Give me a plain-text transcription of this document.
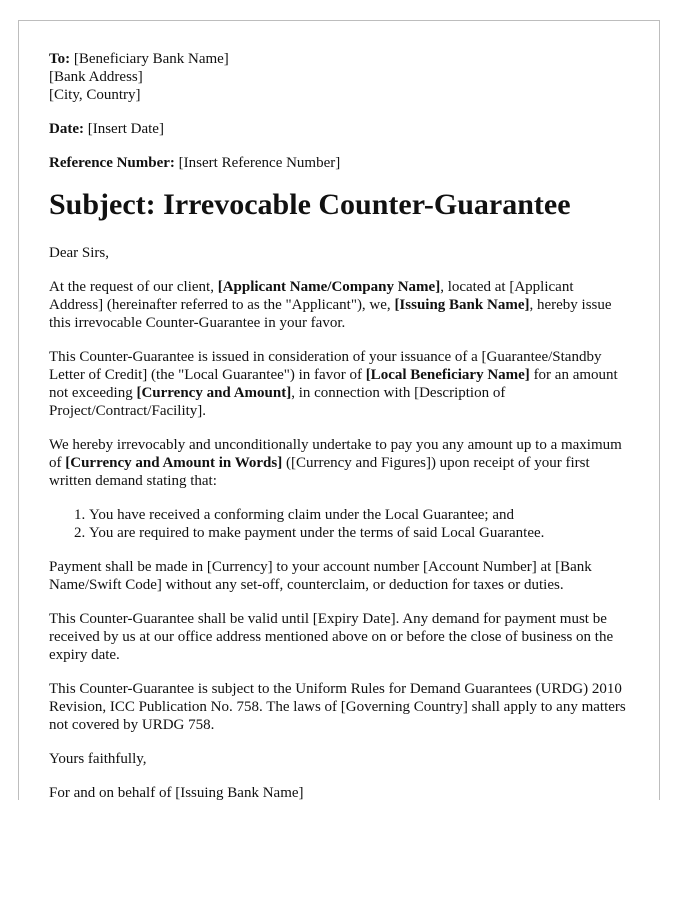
To: [Beneficiary Bank Name]
[Bank Address]
[City, Country]

Date: [Insert Date]

Reference Number: [Insert Reference Number]

Subject: Irrevocable Counter-Guarantee

Dear Sirs,

At the request of our client, [Applicant Name/Company Name], located at [Applicant Address] (hereinafter referred to as the "Applicant"), we, [Issuing Bank Name], hereby issue this irrevocable Counter-Guarantee in your favor.

This Counter-Guarantee is issued in consideration of your issuance of a [Guarantee/Standby Letter of Credit] (the "Local Guarantee") in favor of [Local Beneficiary Name] for an amount not exceeding [Currency and Amount], in connection with [Description of Project/Contract/Facility].

We hereby irrevocably and unconditionally undertake to pay you any amount up to a maximum of [Currency and Amount in Words] ([Currency and Figures]) upon receipt of your first written demand stating that:

1. You have received a conforming claim under the Local Guarantee; and
2. You are required to make payment under the terms of said Local Guarantee.

Payment shall be made in [Currency] to your account number [Account Number] at [Bank Name/Swift Code] without any set-off, counterclaim, or deduction for taxes or duties.

This Counter-Guarantee shall be valid until [Expiry Date]. Any demand for payment must be received by us at our office address mentioned above on or before the close of business on the expiry date.

This Counter-Guarantee is subject to the Uniform Rules for Demand Guarantees (URDG) 2010 Revision, ICC Publication No. 758. The laws of [Governing Country] shall apply to any matters not covered by URDG 758.

Yours faithfully,

For and on behalf of [Issuing Bank Name]
